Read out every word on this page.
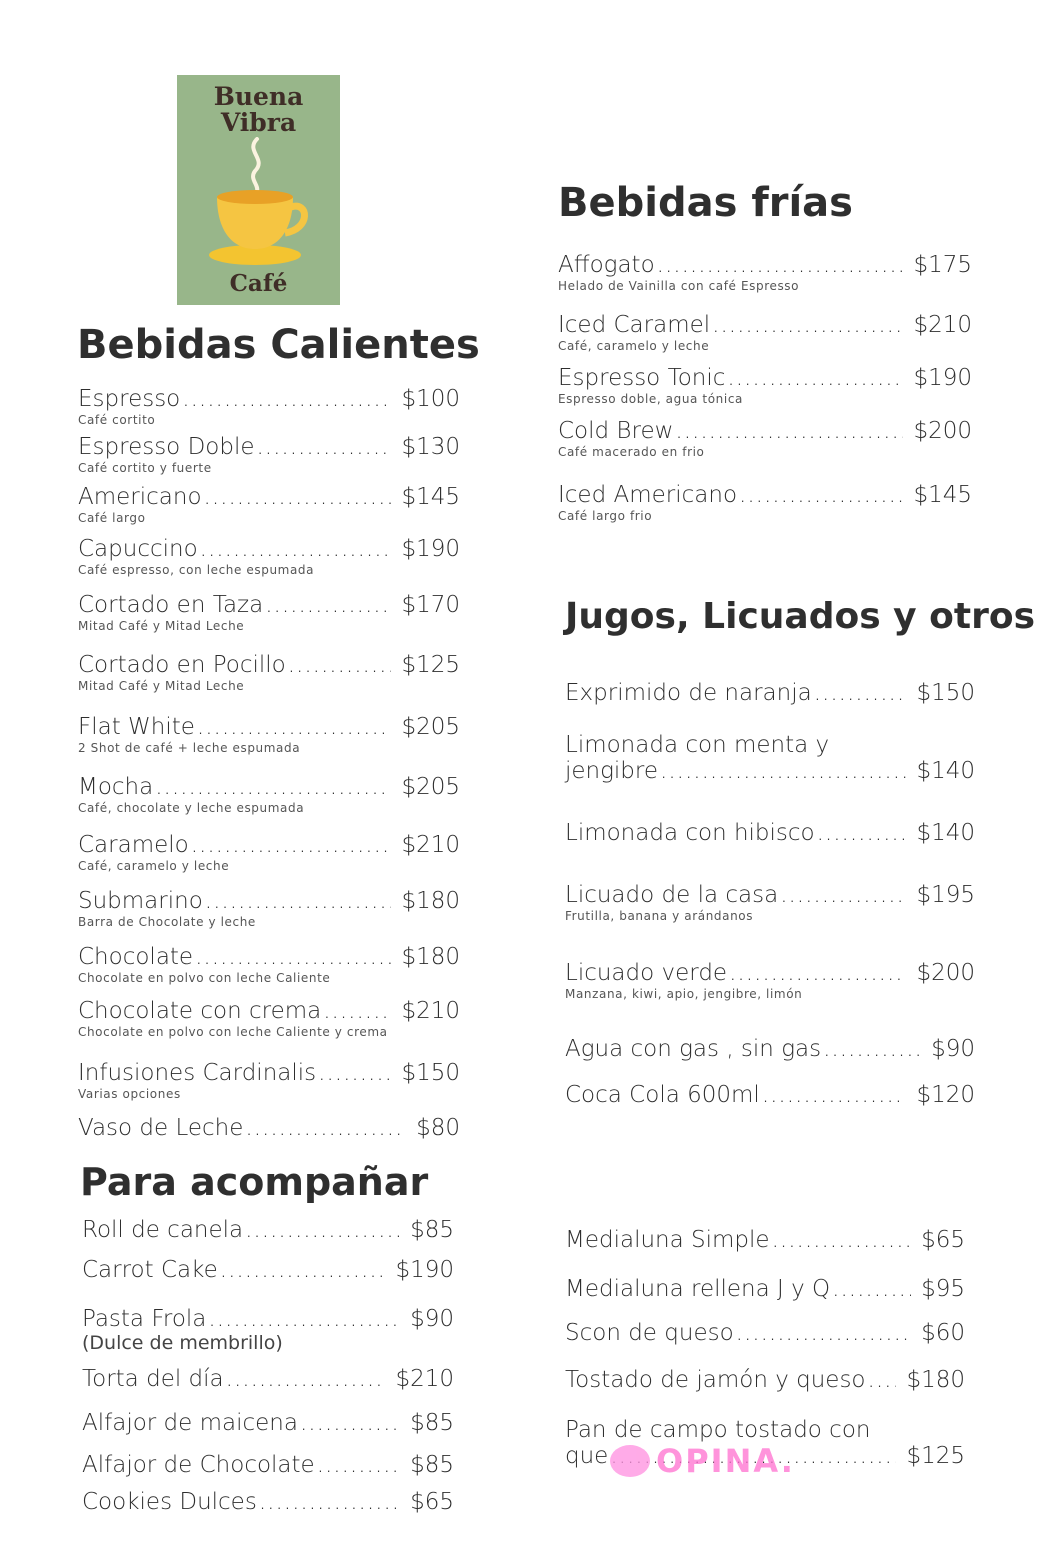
Buena
Vibra
Café
Bebidas Calientes
Espresso .....	$100
Café cortito
Espresso Doble .....	$130
Café cortito y fuerte
Americano .....	$145
Café largo
Capuccino .....	$190
Café espresso, con leche espumada
Cortado en Taza .....	$170
Mitad Café y Mitad Leche
Cortado en Pocillo .....	$125
Mitad Café y Mitad Leche
Flat White .....	$205
2 Shot de café + leche espumada
Mocha .....	$205
Café, chocolate y leche espumada
Caramelo .....	$210
Café, caramelo y leche
Submarino .....	$180
Barra de Chocolate y leche
Chocolate .....	$180
Chocolate en polvo con leche Caliente
Chocolate con crema .....	$210
Chocolate en polvo con leche Caliente y crema
Infusiones Cardinalis .....	$150
Varias opciones
Vaso de Leche .....	$80
Para acompañar
Roll de canela .....	$85
Carrot Cake .....	$190
Pasta Frola .....	$90
(Dulce de membrillo)
Torta del día .....	$210
Alfajor de maicena .....	$85
Alfajor de Chocolate .....	$85
Cookies Dulces .....	$65
Bebidas frías
Affogato .....	$175
Helado de Vainilla con café Espresso
Iced Caramel .....	$210
Café, caramelo y leche
Espresso Tonic .....	$190
Espresso doble, agua tónica
Cold Brew .....	$200
Café macerado en frio
Iced Americano .....	$145
Café largo frio
Jugos, Licuados y otros
Exprimido de naranja .....	$150
Limonada con menta y
jengibre .....	$140
Limonada con hibisco .....	$140
Licuado de la casa .....	$195
Frutilla, banana y arándanos
Licuado verde .....	$200
Manzana, kiwi, apio, jengibre, limón
Agua con gas , sin gas .....	$90
Coca Cola 600ml .....	$120
Medialuna Simple .....	$65
Medialuna rellena J y Q .....	$95
Scon de queso .....	$60
Tostado de jamón y queso ..... $180
Pan de campo tostado con
que .....	$125
OPINA.
